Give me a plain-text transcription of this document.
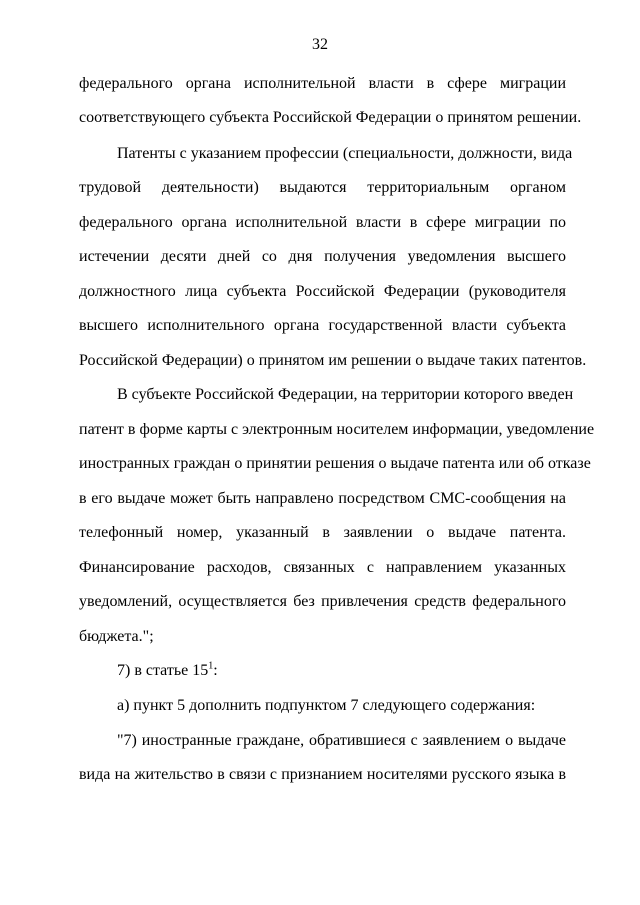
32
федерального органа исполнительной власти в сфере миграции
соответствующего субъекта Российской Федерации о принятом решении.
Патенты с указанием профессии (специальности, должности, вида
трудовой деятельности) выдаются территориальным органом
федерального органа исполнительной власти в сфере миграции по
истечении десяти дней со дня получения уведомления высшего
должностного лица субъекта Российской Федерации (руководителя
высшего исполнительного органа государственной власти субъекта
Российской Федерации) о принятом им решении о выдаче таких патентов.
В субъекте Российской Федерации, на территории которого введен
патент в форме карты с электронным носителем информации, уведомление
иностранных граждан о принятии решения о выдаче патента или об отказе
в его выдаче может быть направлено посредством СМС-сообщения на
телефонный номер, указанный в заявлении о выдаче патента.
Финансирование расходов, связанных с направлением указанных
уведомлений, осуществляется без привлечения средств федерального
бюджета.";
7) в статье $15^1$:
а) пункт 5 дополнить подпунктом 7 следующего содержания:
"7) иностранные граждане, обратившиеся с заявлением о выдаче
вида на жительство в связи с признанием носителями русского языка в
